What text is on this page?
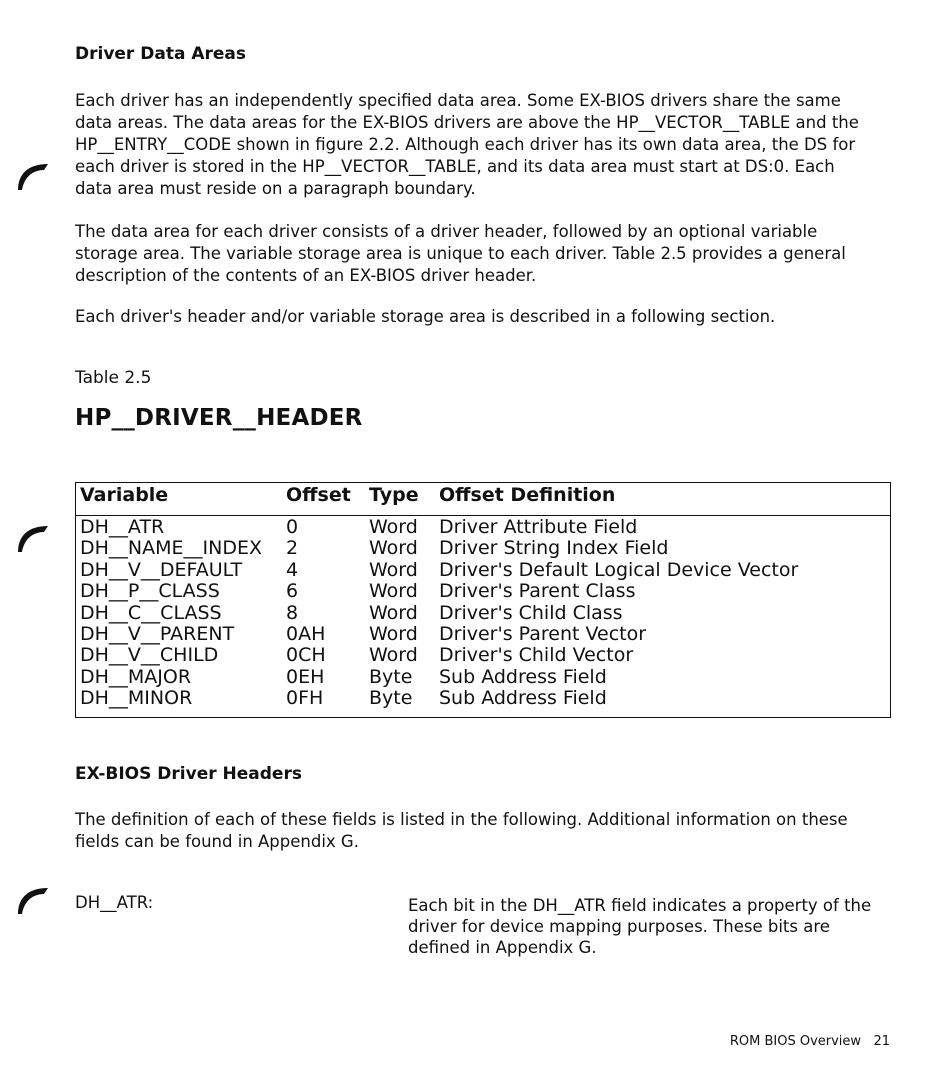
Driver Data Areas

Each driver has an independently specified data area. Some EX-BIOS drivers share the same data areas. The data areas for the EX-BIOS drivers are above the HP__VECTOR__TABLE and the HP__ENTRY__CODE shown in figure 2.2. Although each driver has its own data area, the DS for each driver is stored in the HP__VECTOR__TABLE, and its data area must start at DS:0. Each data area must reside on a paragraph boundary.

The data area for each driver consists of a driver header, followed by an optional variable storage area. The variable storage area is unique to each driver. Table 2.5 provides a general description of the contents of an EX-BIOS driver header.

Each driver's header and/or variable storage area is described in a following section.

Table 2.5
HP__DRIVER__HEADER
Variable	Offset Type Offset Definition
DH__ATR	0	Word Driver Attribute Field
DH__NAME__INDEX 2	Word Driver String Index Field
DH__V__DEFAULT 4	Word Driver's Default Logical Device Vector
DH__P__CLASS	6	Word Driver's Parent Class
DH__C__CLASS	8	Word Driver's Child Class
DH__V__PARENT	0AH Word Driver's Parent Vector
DH__V__CHILD	0CH Word Driver's Child Vector
DH__MAJOR	0EH Byte Sub Address Field
DH__MINOR	0FH Byte Sub Address Field
EX-BIOS Driver Headers

The definition of each of these fields is listed in the following. Additional information on these fields can be found in Appendix G.

DH__ATR:	Each bit in the DH__ATR field indicates a property of the driver for device mapping purposes. These bits are defined in Appendix G.
ROM BIOS Overview   21
